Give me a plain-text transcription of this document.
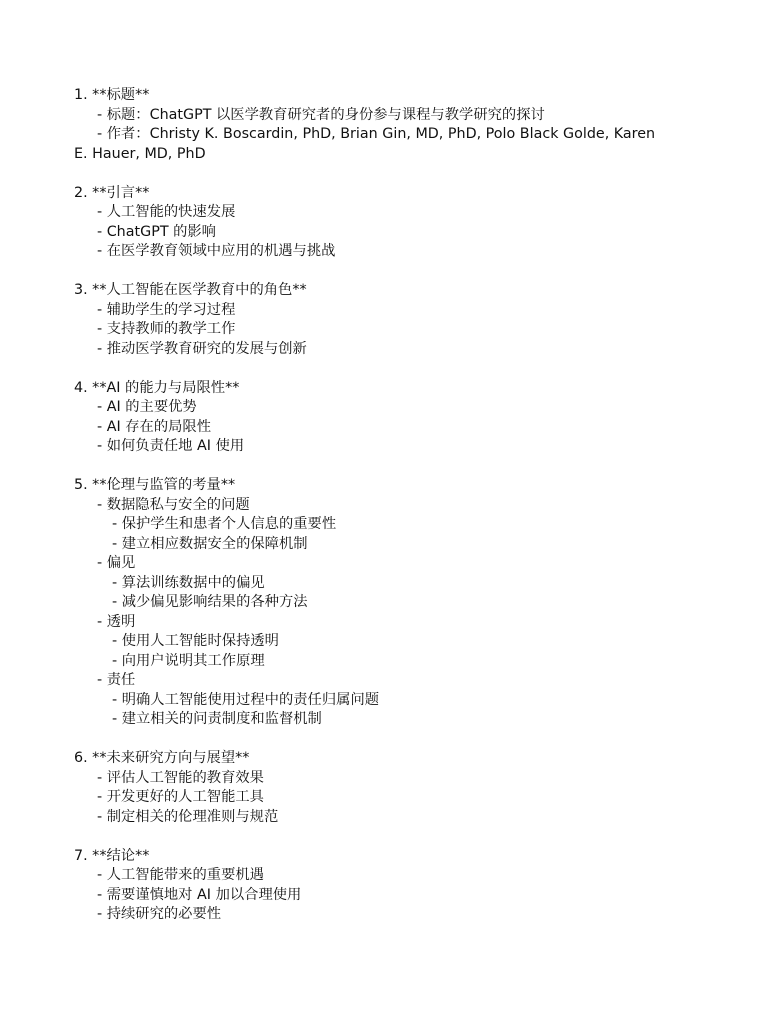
1. **标题**
- 标题：ChatGPT 以医学教育研究者的身份参与课程与教学研究的探讨
- 作者：Christy K. Boscardin, PhD, Brian Gin, MD, PhD, Polo Black Golde, Karen
E. Hauer, MD, PhD
2. **引言**
- 人工智能的快速发展
- ChatGPT 的影响
- 在医学教育领域中应用的机遇与挑战
3. **人工智能在医学教育中的角色**
- 辅助学生的学习过程
- 支持教师的教学工作
- 推动医学教育研究的发展与创新
4. **AI 的能力与局限性**
- AI 的主要优势
- AI 存在的局限性
- 如何负责任地 AI 使用
5. **伦理与监管的考量**
- 数据隐私与安全的问题
- 保护学生和患者个人信息的重要性
- 建立相应数据安全的保障机制
- 偏见
- 算法训练数据中的偏见
- 减少偏见影响结果的各种方法
- 透明
- 使用人工智能时保持透明
- 向用户说明其工作原理
- 责任
- 明确人工智能使用过程中的责任归属问题
- 建立相关的问责制度和监督机制
6. **未来研究方向与展望**
- 评估人工智能的教育效果
- 开发更好的人工智能工具
- 制定相关的伦理准则与规范
7. **结论**
- 人工智能带来的重要机遇
- 需要谨慎地对 AI 加以合理使用
- 持续研究的必要性
